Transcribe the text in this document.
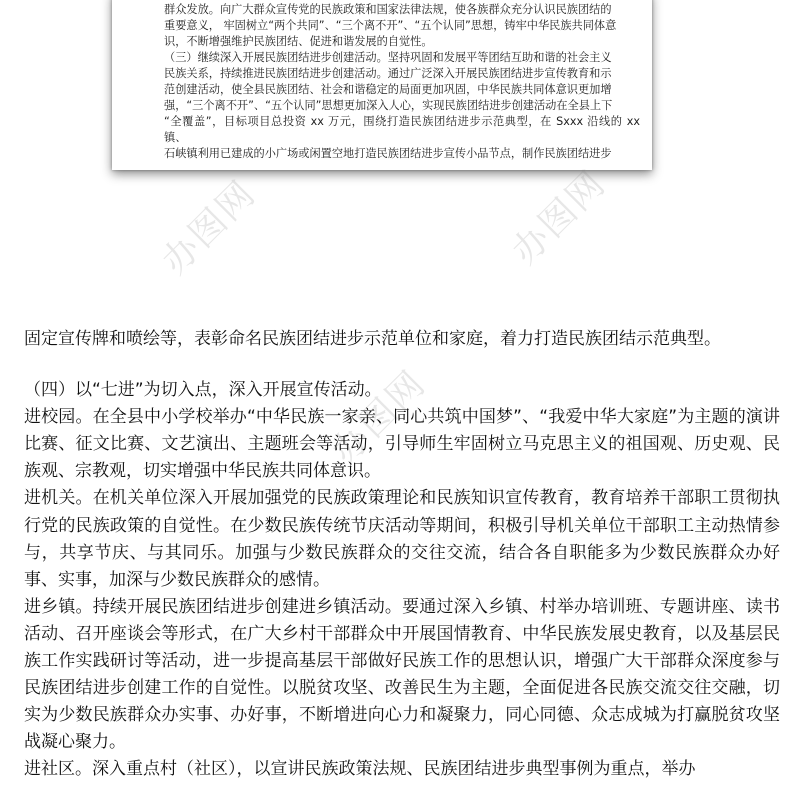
群众发放。向广大群众宣传党的民族政策和国家法律法规，使各族群众充分认识民族团结的

重要意义， 牢固树立“两个共同”、“三个离不开”、“五个认同”思想，铸牢中华民族共同体意

识，不断增强维护民族团结、促进和谐发展的自觉性。

（三）继续深入开展民族团结进步创建活动。坚持巩固和发展平等团结互助和谐的社会主义

民族关系，持续推进民族团结进步创建活动。通过广泛深入开展民族团结进步宣传教育和示

范创建活动，使全县民族团结、社会和谐稳定的局面更加巩固，中华民族共同体意识更加增

强，“三个离不开”、“五个认同”思想更加深入人心，实现民族团结进步创建活动在全县上下

“全覆盖”，目标项目总投资 xx 万元，围绕打造民族团结进步示范典型，在 Sxxx 沿线的 xx 镇、

石峡镇利用已建成的小广场或闲置空地打造民族团结进步宣传小品节点，制作民族团结进步

办图网

固定宣传牌和喷绘等，表彰命名民族团结进步示范单位和家庭，着力打造民族团结示范典型。

（四）以“七进”为切入点，深入开展宣传活动。

进校园。在全县中小学校举办“中华民族一家亲、同心共筑中国梦”、“我爱中华大家庭”为主题的演讲比赛、征文比赛、文艺演出、主题班会等活动，引导师生牢固树立马克思主义的祖国观、历史观、民族观、宗教观，切实增强中华民族共同体意识。

进机关。在机关单位深入开展加强党的民族政策理论和民族知识宣传教育，教育培养干部职工贯彻执行党的民族政策的自觉性。在少数民族传统节庆活动等期间，积极引导机关单位干部职工主动热情参与，共享节庆、与其同乐。加强与少数民族群众的交往交流，结合各自职能多为少数民族群众办好事、实事，加深与少数民族群众的感情。

进乡镇。持续开展民族团结进步创建进乡镇活动。要通过深入乡镇、村举办培训班、专题讲座、读书活动、召开座谈会等形式，在广大乡村干部群众中开展国情教育、中华民族发展史教育，以及基层民族工作实践研讨等活动，进一步提高基层干部做好民族工作的思想认识，增强广大干部群众深度参与民族团结进步创建工作的自觉性。以脱贫攻坚、改善民生为主题，全面促进各民族交流交往交融，切实为少数民族群众办实事、办好事，不断增进向心力和凝聚力，同心同德、众志成城为打赢脱贫攻坚战凝心聚力。

进社区。深入重点村（社区），以宣讲民族政策法规、民族团结进步典型事例为重点，举办
